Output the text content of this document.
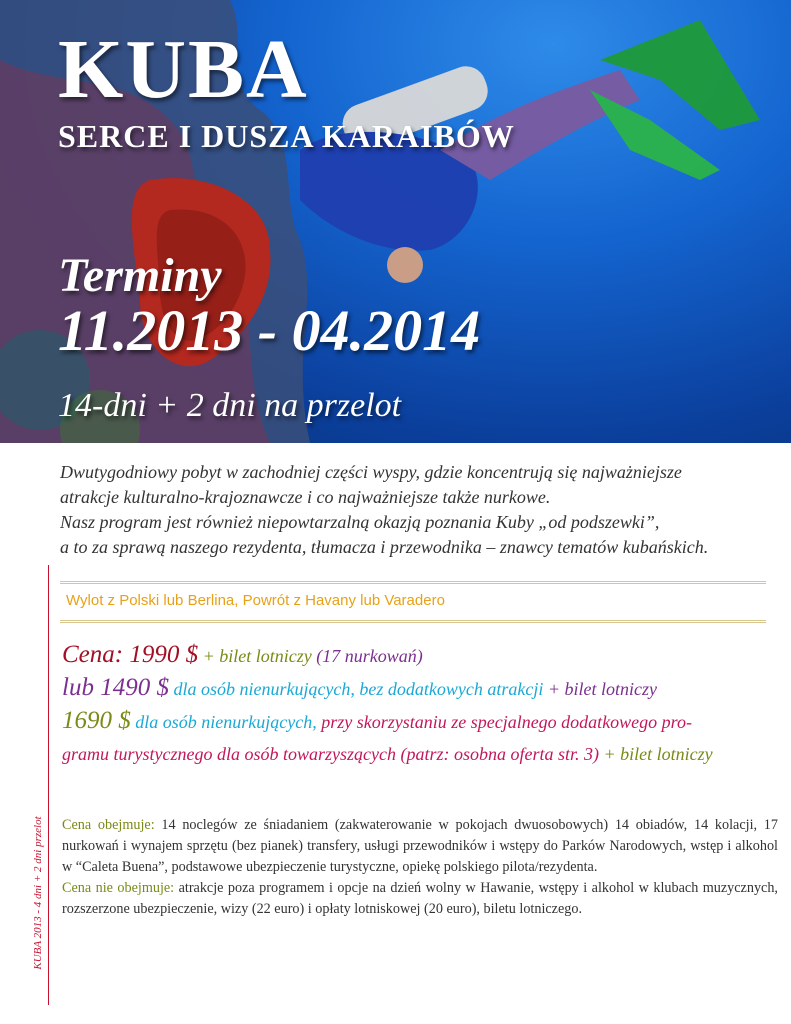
KUBA
SERCE I DUSZA KARAIBÓW
Terminy
11.2013 - 04.2014
14-dni + 2 dni na przelot
KUBA 2013 - 4 dni + 2 dni przelot

Dwutygodniowy pobyt w zachodniej części wyspy, gdzie koncentrują się najważniejsze

atrakcje kulturalno-krajoznawcze i co najważniejsze także nurkowe.

Nasz program jest również niepowtarzalną okazją poznania Kuby „od podszewki”,

a to za sprawą naszego rezydenta, tłumacza i przewodnika – znawcy tematów kubańskich.

Wylot z Polski lub Berlina, Powrót z Havany lub Varadero
Cena: 1990 $ + bilet lotniczy (17 nurkowań)
lub 1490 $ dla osób nienurkujących, bez dodatkowych atrakcji + bilet lotniczy
1690 $ dla osób nienurkujących, przy skorzystaniu ze specjalnego dodatkowego pro-
gramu turystycznego dla osób towarzyszących (patrz: osobna oferta str. 3) + bilet lotniczy

Cena obejmuje: 14 noclegów ze śniadaniem (zakwaterowanie w pokojach dwuosobowych) 14 obiadów, 14 kolacji, 17 nurkowań i wynajem sprzętu (bez pianek) transfery, usługi przewodników i wstępy do Parków Narodowych, wstęp i alkohol w “Caleta Buena”, podstawowe ubezpieczenie turystyczne, opiekę polskiego pilota/rezydenta.

Cena nie obejmuje: atrakcje poza programem i opcje na dzień wolny w Hawanie, wstępy i alkohol w klubach muzycznych, rozszerzone ubezpieczenie, wizy (22 euro) i opłaty lotniskowej (20 euro), biletu lotniczego.
